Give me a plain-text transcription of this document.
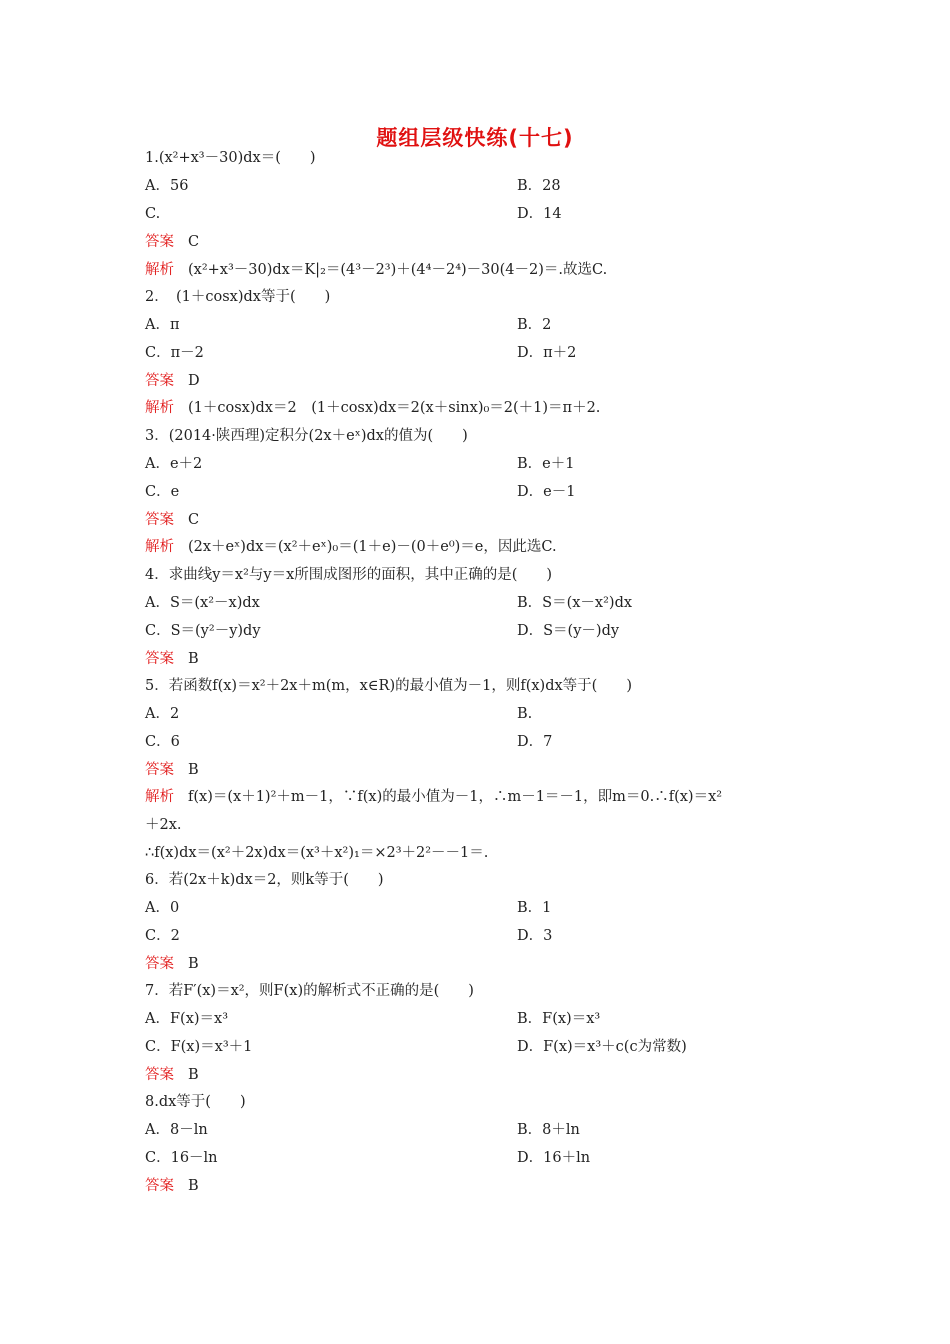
题组层级快练(十七)
1.(x²+x³－30)dx＝(　　)
A．56	B．28
C.	D．14
答案 C
解析 (x²+x³－30)dx＝K|₂＝(4³－2³)＋(4⁴－2⁴)－30(4－2)＝.故选C.
2．　(1＋cosx)dx等于(　　)
A．π	B．2
C．π－2	D．π＋2
答案 D
解析 (1＋cosx)dx＝2　(1＋cosx)dx＝2(x＋sinx)₀＝2(＋1)＝π＋2.
3．(2014·陕西理)定积分(2x＋eˣ)dx的值为(　　)
A．e＋2	B．e＋1
C．e	D．e－1
答案 C
解析 (2x＋eˣ)dx＝(x²＋eˣ)₀＝(1＋e)－(0＋e⁰)＝e，因此选C.
4．求曲线y＝x²与y＝x所围成图形的面积，其中正确的是(　　)
A．S＝(x²－x)dx	B．S＝(x－x²)dx
C．S＝(y²－y)dy	D．S＝(y－)dy
答案 B
5．若函数f(x)＝x²＋2x＋m(m，x∈R)的最小值为－1，则f(x)dx等于(　　)
A．2	B.
C．6	D．7
答案 B
解析 f(x)＝(x＋1)²＋m－1，∵f(x)的最小值为－1，∴m－1＝－1，即m＝0.∴f(x)＝x²
＋2x.
∴f(x)dx＝(x²＋2x)dx＝(x³＋x²)₁＝×2³＋2²－－1＝.
6．若(2x＋k)dx＝2，则k等于(　　)
A．0	B．1
C．2	D．3
答案 B
7．若F′(x)＝x²，则F(x)的解析式不正确的是(　　)
A．F(x)＝x³	B．F(x)＝x³
C．F(x)＝x³＋1	D．F(x)＝x³＋c(c为常数)
答案 B
8.dx等于(　　)
A．8－ln	B．8＋ln
C．16－ln	D．16＋ln
答案 B
